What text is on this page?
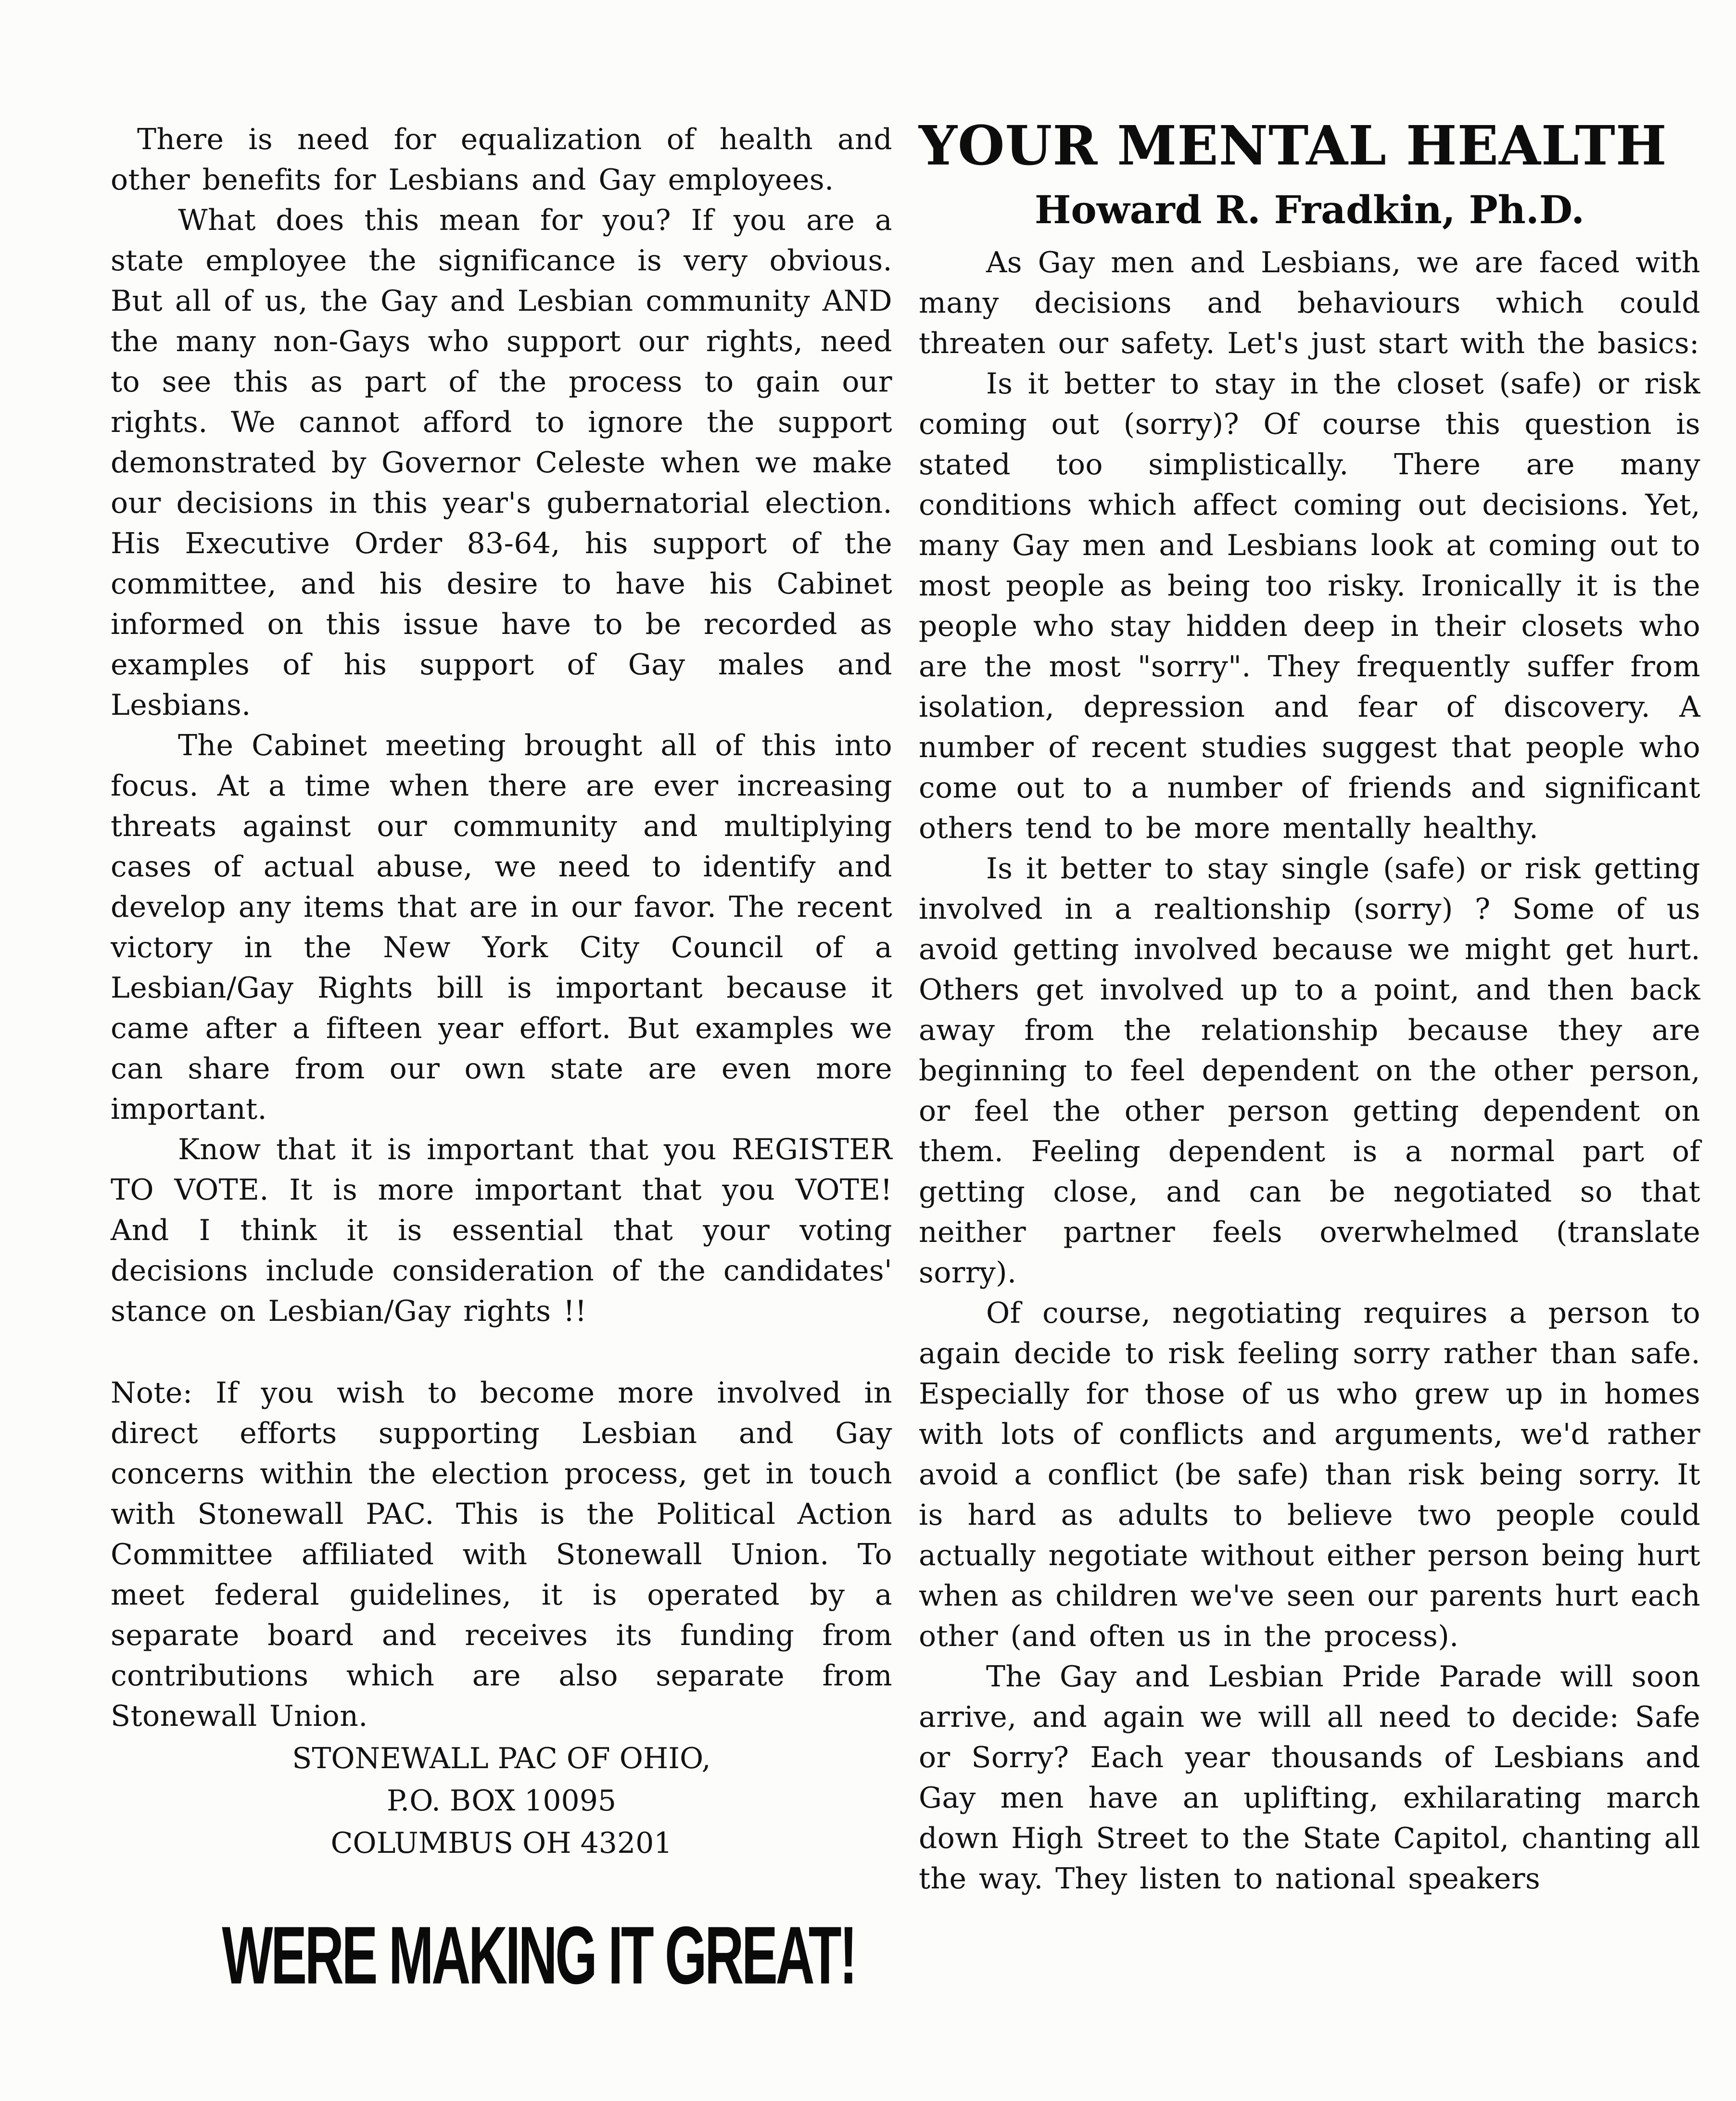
There is need for equalization of health and other benefits for Lesbians and Gay employees.

What does this mean for you? If you are a state employee the significance is very obvious. But all of us, the Gay and Lesbian community AND the many non-Gays who support our rights, need to see this as part of the process to gain our rights. We cannot afford to ignore the support demonstrated by Governor Celeste when we make our decisions in this year's gubernatorial election. His Executive Order 83-64, his support of the committee, and his desire to have his Cabinet informed on this issue have to be recorded as examples of his support of Gay males and Lesbians.

The Cabinet meeting brought all of this into focus. At a time when there are ever increasing threats against our community and multiplying cases of actual abuse, we need to identify and develop any items that are in our favor. The recent victory in the New York City Council of a Lesbian/Gay Rights bill is important because it came after a fifteen year effort. But examples we can share from our own state are even more important.

Know that it is important that you REGISTER TO VOTE. It is more important that you VOTE! And I think it is essential that your voting decisions include consideration of the candidates' stance on Lesbian/Gay rights !!

Note: If you wish to become more involved in direct efforts supporting Lesbian and Gay concerns within the election process, get in touch with Stonewall PAC. This is the Political Action Committee affiliated with Stonewall Union. To meet federal guidelines, it is operated by a separate board and receives its funding from contributions which are also separate from Stonewall Union.

STONEWALL PAC OF OHIO,
P.O. BOX 10095
COLUMBUS OH 43201
WERE MAKING IT GREAT!
YOUR MENTAL HEALTH
Howard R. Fradkin, Ph.D.

As Gay men and Lesbians, we are faced with many decisions and behaviours which could threaten our safety. Let's just start with the basics:

Is it better to stay in the closet (safe) or risk coming out (sorry)? Of course this question is stated too simplistically. There are many conditions which affect coming out decisions. Yet, many Gay men and Lesbians look at coming out to most people as being too risky. Ironically it is the people who stay hidden deep in their closets who are the most "sorry". They frequently suffer from isolation, depression and fear of discovery. A number of recent studies suggest that people who come out to a number of friends and significant others tend to be more mentally healthy.

Is it better to stay single (safe) or risk getting involved in a realtionship (sorry) ? Some of us avoid getting involved because we might get hurt. Others get involved up to a point, and then back away from the relationship because they are beginning to feel dependent on the other person, or feel the other person getting dependent on them. Feeling dependent is a normal part of getting close, and can be negotiated so that neither partner feels overwhelmed (translate sorry).

Of course, negotiating requires a person to again decide to risk feeling sorry rather than safe. Especially for those of us who grew up in homes with lots of conflicts and arguments, we'd rather avoid a conflict (be safe) than risk being sorry. It is hard as adults to believe two people could actually negotiate without either person being hurt when as children we've seen our parents hurt each other (and often us in the process).

The Gay and Lesbian Pride Parade will soon arrive, and again we will all need to decide: Safe or Sorry? Each year thousands of Lesbians and Gay men have an uplifting, exhilarating march down High Street to the State Capitol, chanting all the way. They listen to national speakers
